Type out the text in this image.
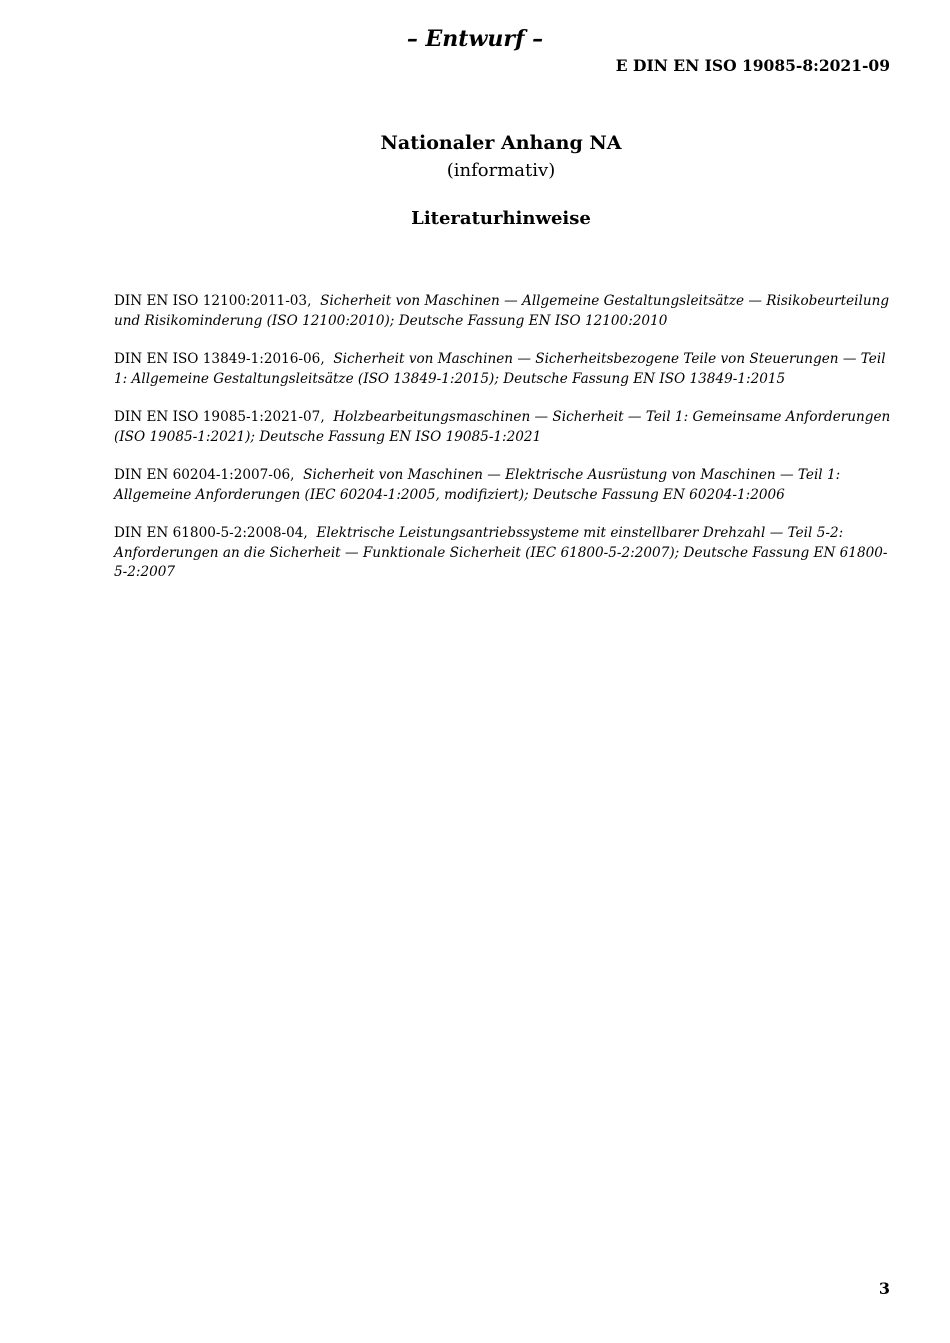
– Entwurf –
E DIN EN ISO 19085-8:2021-09
Nationaler Anhang NA
(informativ)
Literaturhinweise

DIN EN ISO 12100:2011-03, Sicherheit von Maschinen — Allgemeine Gestaltungsleitsätze — Risikobeurteilung und Risikominderung (ISO 12100:2010); Deutsche Fassung EN ISO 12100:2010

DIN EN ISO 13849-1:2016-06, Sicherheit von Maschinen — Sicherheitsbezogene Teile von Steuerungen — Teil 1: Allgemeine Gestaltungsleitsätze (ISO 13849-1:2015); Deutsche Fassung EN ISO 13849-1:2015

DIN EN ISO 19085-1:2021-07, Holzbearbeitungsmaschinen — Sicherheit — Teil 1: Gemeinsame Anforderungen (ISO 19085-1:2021); Deutsche Fassung EN ISO 19085-1:2021

DIN EN 60204-1:2007-06, Sicherheit von Maschinen — Elektrische Ausrüstung von Maschinen — Teil 1: Allgemeine Anforderungen (IEC 60204-1:2005, modifiziert); Deutsche Fassung EN 60204-1:2006

DIN EN 61800-5-2:2008-04, Elektrische Leistungsantriebssysteme mit einstellbarer Drehzahl — Teil 5-2: Anforderungen an die Sicherheit — Funktionale Sicherheit (IEC 61800-5-2:2007); Deutsche Fassung EN 61800-5-2:2007

3
